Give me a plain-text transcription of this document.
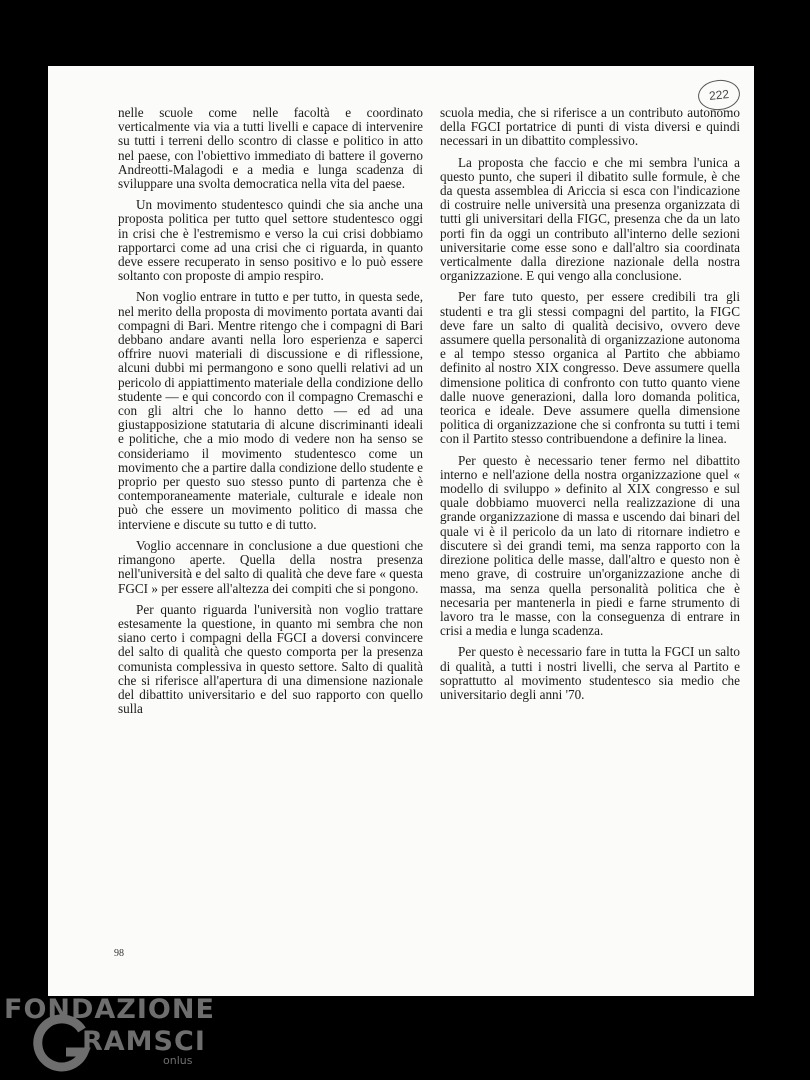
222

nelle scuole come nelle facoltà e coordinato verticalmente via via a tutti livelli e capace di intervenire su tutti i terreni dello scontro di classe e politico in atto nel paese, con l'obiettivo immediato di battere il governo Andreotti-Malagodi e a media e lunga scadenza di sviluppare una svolta democratica nella vita del paese.

Un movimento studentesco quindi che sia anche una proposta politica per tutto quel settore studentesco oggi in crisi che è l'estremismo e verso la cui crisi dobbiamo rapportarci come ad una crisi che ci riguarda, in quanto deve essere recuperato in senso positivo e lo può essere soltanto con proposte di ampio respiro.

Non voglio entrare in tutto e per tutto, in questa sede, nel merito della proposta di movimento portata avanti dai compagni di Bari. Mentre ritengo che i compagni di Bari debbano andare avanti nella loro esperienza e saperci offrire nuovi materiali di discussione e di riflessione, alcuni dubbi mi permangono e sono quelli relativi ad un pericolo di appiattimento materiale della condizione dello studente — e qui concordo con il compagno Cremaschi e con gli altri che lo hanno detto — ed ad una giustapposizione statutaria di alcune discriminanti ideali e politiche, che a mio modo di vedere non ha senso se consideriamo il movimento studentesco come un movimento che a partire dalla condizione dello studente e proprio per questo suo stesso punto di partenza che è contemporaneamente materiale, culturale e ideale non può che essere un movimento politico di massa che interviene e discute su tutto e di tutto.

Voglio accennare in conclusione a due questioni che rimangono aperte. Quella della nostra presenza nell'università e del salto di qualità che deve fare « questa FGCI » per essere all'altezza dei compiti che si pongono.

Per quanto riguarda l'università non voglio trattare estesamente la questione, in quanto mi sembra che non siano certo i compagni della FGCI a doversi convincere del salto di qualità che questo comporta per la presenza comunista complessiva in questo settore. Salto di qualità che si riferisce all'apertura di una dimensione nazionale del dibattito universitario e del suo rapporto con quello sulla

scuola media, che si riferisce a un contributo autonomo della FGCI portatrice di punti di vista diversi e quindi necessari in un dibattito complessivo.

La proposta che faccio e che mi sembra l'unica a questo punto, che superi il dibatito sulle formule, è che da questa assemblea di Ariccia si esca con l'indicazione di costruire nelle università una presenza organizzata di tutti gli universitari della FIGC, presenza che da un lato porti fin da oggi un contributo all'interno delle sezioni universitarie come esse sono e dall'altro sia coordinata verticalmente dalla direzione nazionale della nostra organizzazione. E qui vengo alla conclusione.

Per fare tuto questo, per essere credibili tra gli studenti e tra gli stessi compagni del partito, la FIGC deve fare un salto di qualità decisivo, ovvero deve assumere quella personalità di organizzazione autonoma e al tempo stesso organica al Partito che abbiamo definito al nostro XIX congresso. Deve assumere quella dimensione politica di confronto con tutto quanto viene dalle nuove generazioni, dalla loro domanda politica, teorica e ideale. Deve assumere quella dimensione politica di organizzazione che si confronta su tutti i temi con il Partito stesso contribuendone a definire la linea.

Per questo è necessario tener fermo nel dibattito interno e nell'azione della nostra organizzazione quel « modello di sviluppo » definito al XIX congresso e sul quale dobbiamo muoverci nella realizzazione di una grande organizzazione di massa e uscendo dai binari del quale vi è il pericolo da un lato di ritornare indietro e discutere sì dei grandi temi, ma senza rapporto con la direzione politica delle masse, dall'altro e questo non è meno grave, di costruire un'organizzazione anche di massa, ma senza quella personalità politica che è necesaria per mantenerla in piedi e farne strumento di lavoro tra le masse, con la conseguenza di entrare in crisi a media e lunga scadenza.

Per questo è necessario fare in tutta la FGCI un salto di qualità, a tutti i nostri livelli, che serva al Partito e soprattutto al movimento studentesco sia medio che universitario degli anni '70.

98
FONDAZIONE
RAMSCI
onlus
